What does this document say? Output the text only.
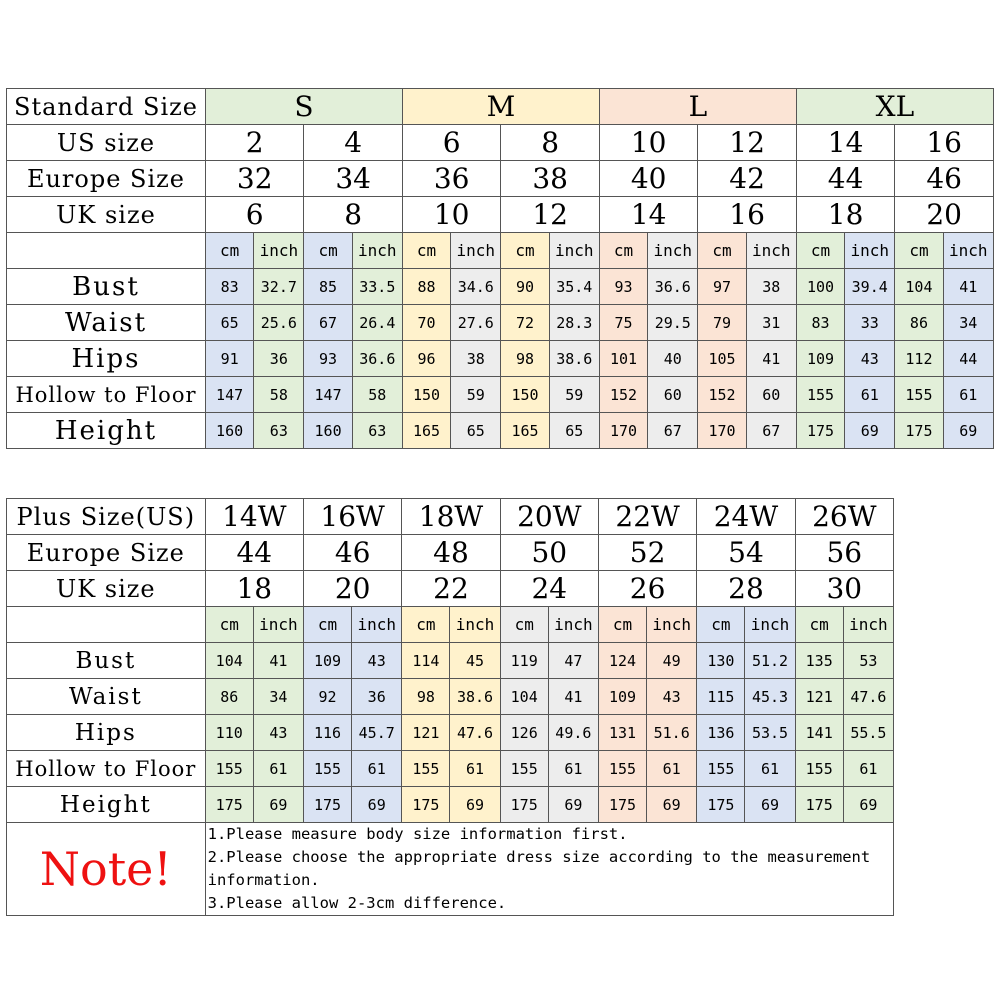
Standard Size	S				M				L				XL			
US size	2		4		6		8		10		12		14		16	
Europe Size	32		34		36		38		40		42		44		46	
UK size	6		8		10		12		14		16		18		20	
	cm	inch	cm	inch	cm	inch	cm	inch	cm	inch	cm	inch	cm	inch	cm	inch
Bust	83	32.7	85	33.5	88	34.6	90	35.4	93	36.6	97	38	100	39.4	104	41
Waist	65	25.6	67	26.4	70	27.6	72	28.3	75	29.5	79	31	83	33	86	34
Hips	91	36	93	36.6	96	38	98	38.6	101	40	105	41	109	43	112	44
Hollow to Floor	147	58	147	58	150	59	150	59	152	60	152	60	155	61	155	61
Height	160	63	160	63	165	65	165	65	170	67	170	67	175	69	175	69

Plus Size(US)	14W		16W		18W		20W		22W		24W		26W	
Europe Size	44		46		48		50		52		54		56	
UK size	18		20		22		24		26		28		30	
	cm	inch	cm	inch	cm	inch	cm	inch	cm	inch	cm	inch	cm	inch
Bust	104	41	109	43	114	45	119	47	124	49	130	51.2	135	53
Waist	86	34	92	36	98	38.6	104	41	109	43	115	45.3	121	47.6
Hips	110	43	116	45.7	121	47.6	126	49.6	131	51.6	136	53.5	141	55.5
Hollow to Floor	155	61	155	61	155	61	155	61	155	61	155	61	155	61
Height	175	69	175	69	175	69	175	69	175	69	175	69	175	69
Note!	1.Please measure body size information first.
2.Please choose the appropriate dress size according to the measurement information.
3.Please allow 2-3cm difference.													
